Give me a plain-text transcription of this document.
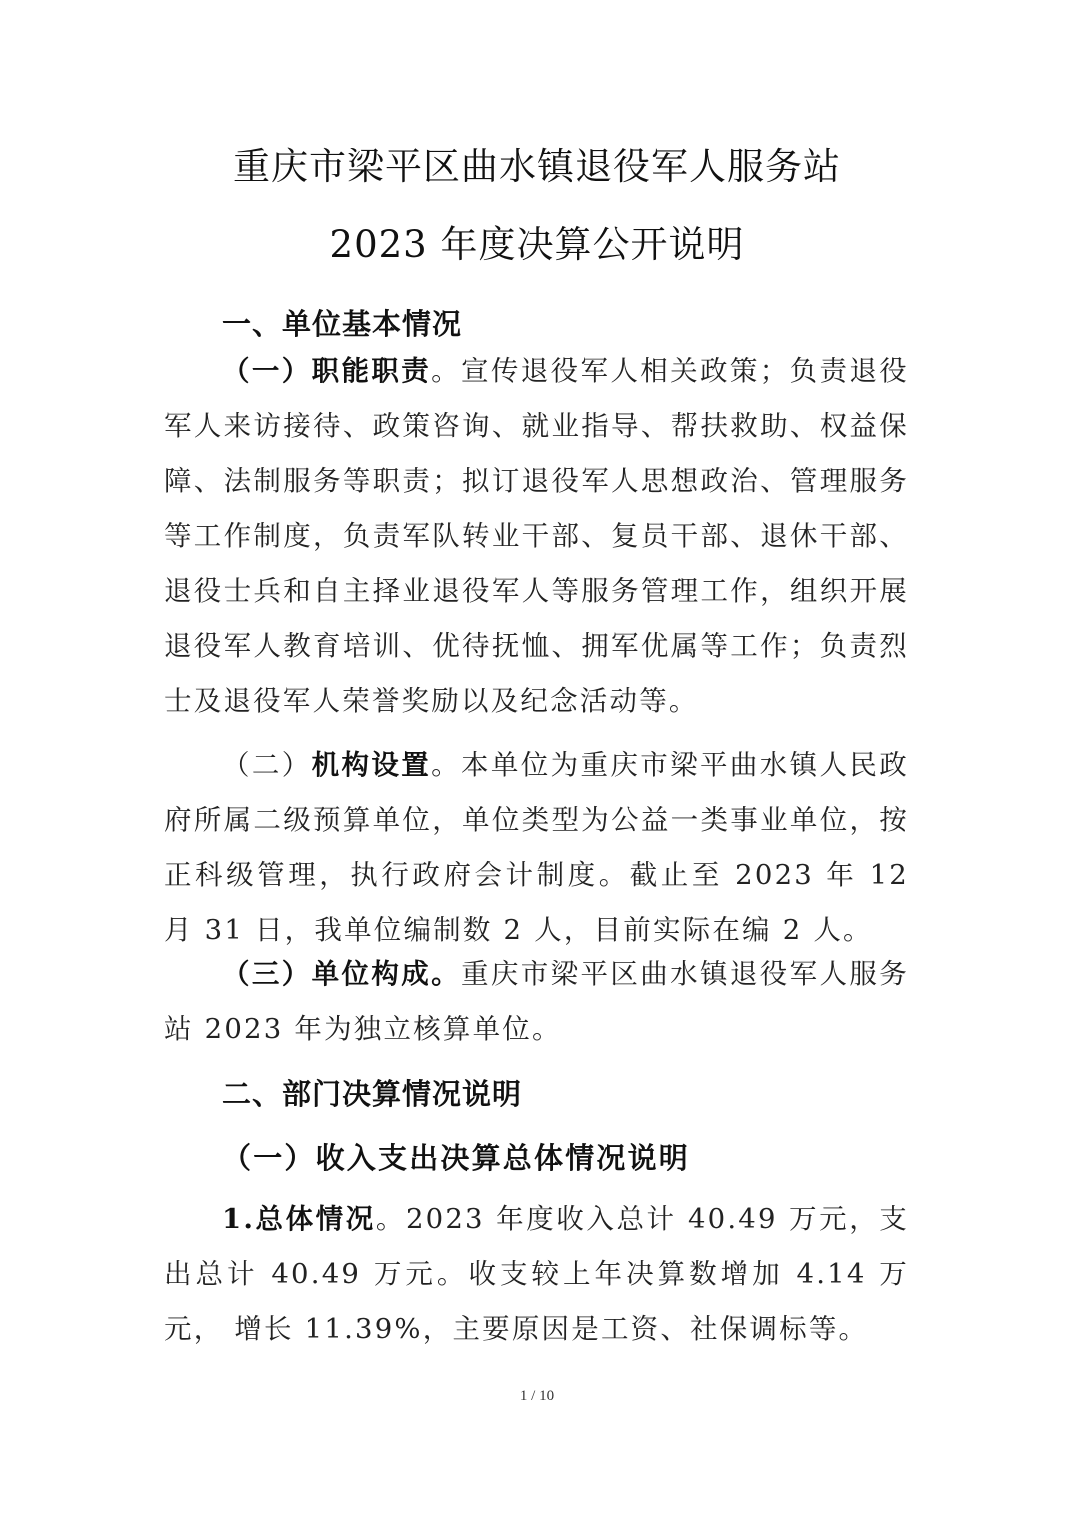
重庆市梁平区曲水镇退役军人服务站
2023 年度决算公开说明
一、单位基本情况
（一）职能职责。宣传退役军人相关政策；负责退役军人来访接待、政策咨询、就业指导、帮扶救助、权益保障、法制服务等职责；拟订退役军人思想政治、管理服务等工作制度，负责军队转业干部、复员干部、退休干部、退役士兵和自主择业退役军人等服务管理工作，组织开展退役军人教育培训、优待抚恤、拥军优属等工作；负责烈士及退役军人荣誉奖励以及纪念活动等。
（二）机构设置。本单位为重庆市梁平曲水镇人民政府所属二级预算单位，单位类型为公益一类事业单位，按正科级管理，执行政府会计制度。截止至 2023 年 12 月 31 日，我单位编制数 2 人，目前实际在编 2 人。
（三）单位构成。重庆市梁平区曲水镇退役军人服务站 2023 年为独立核算单位。
二、部门决算情况说明
（一）收入支出决算总体情况说明
1.总体情况。2023 年度收入总计 40.49 万元，支出总计 40.49 万元。收支较上年决算数增加 4.14 万元， 增长 11.39%，主要原因是工资、社保调标等。
1 / 10
